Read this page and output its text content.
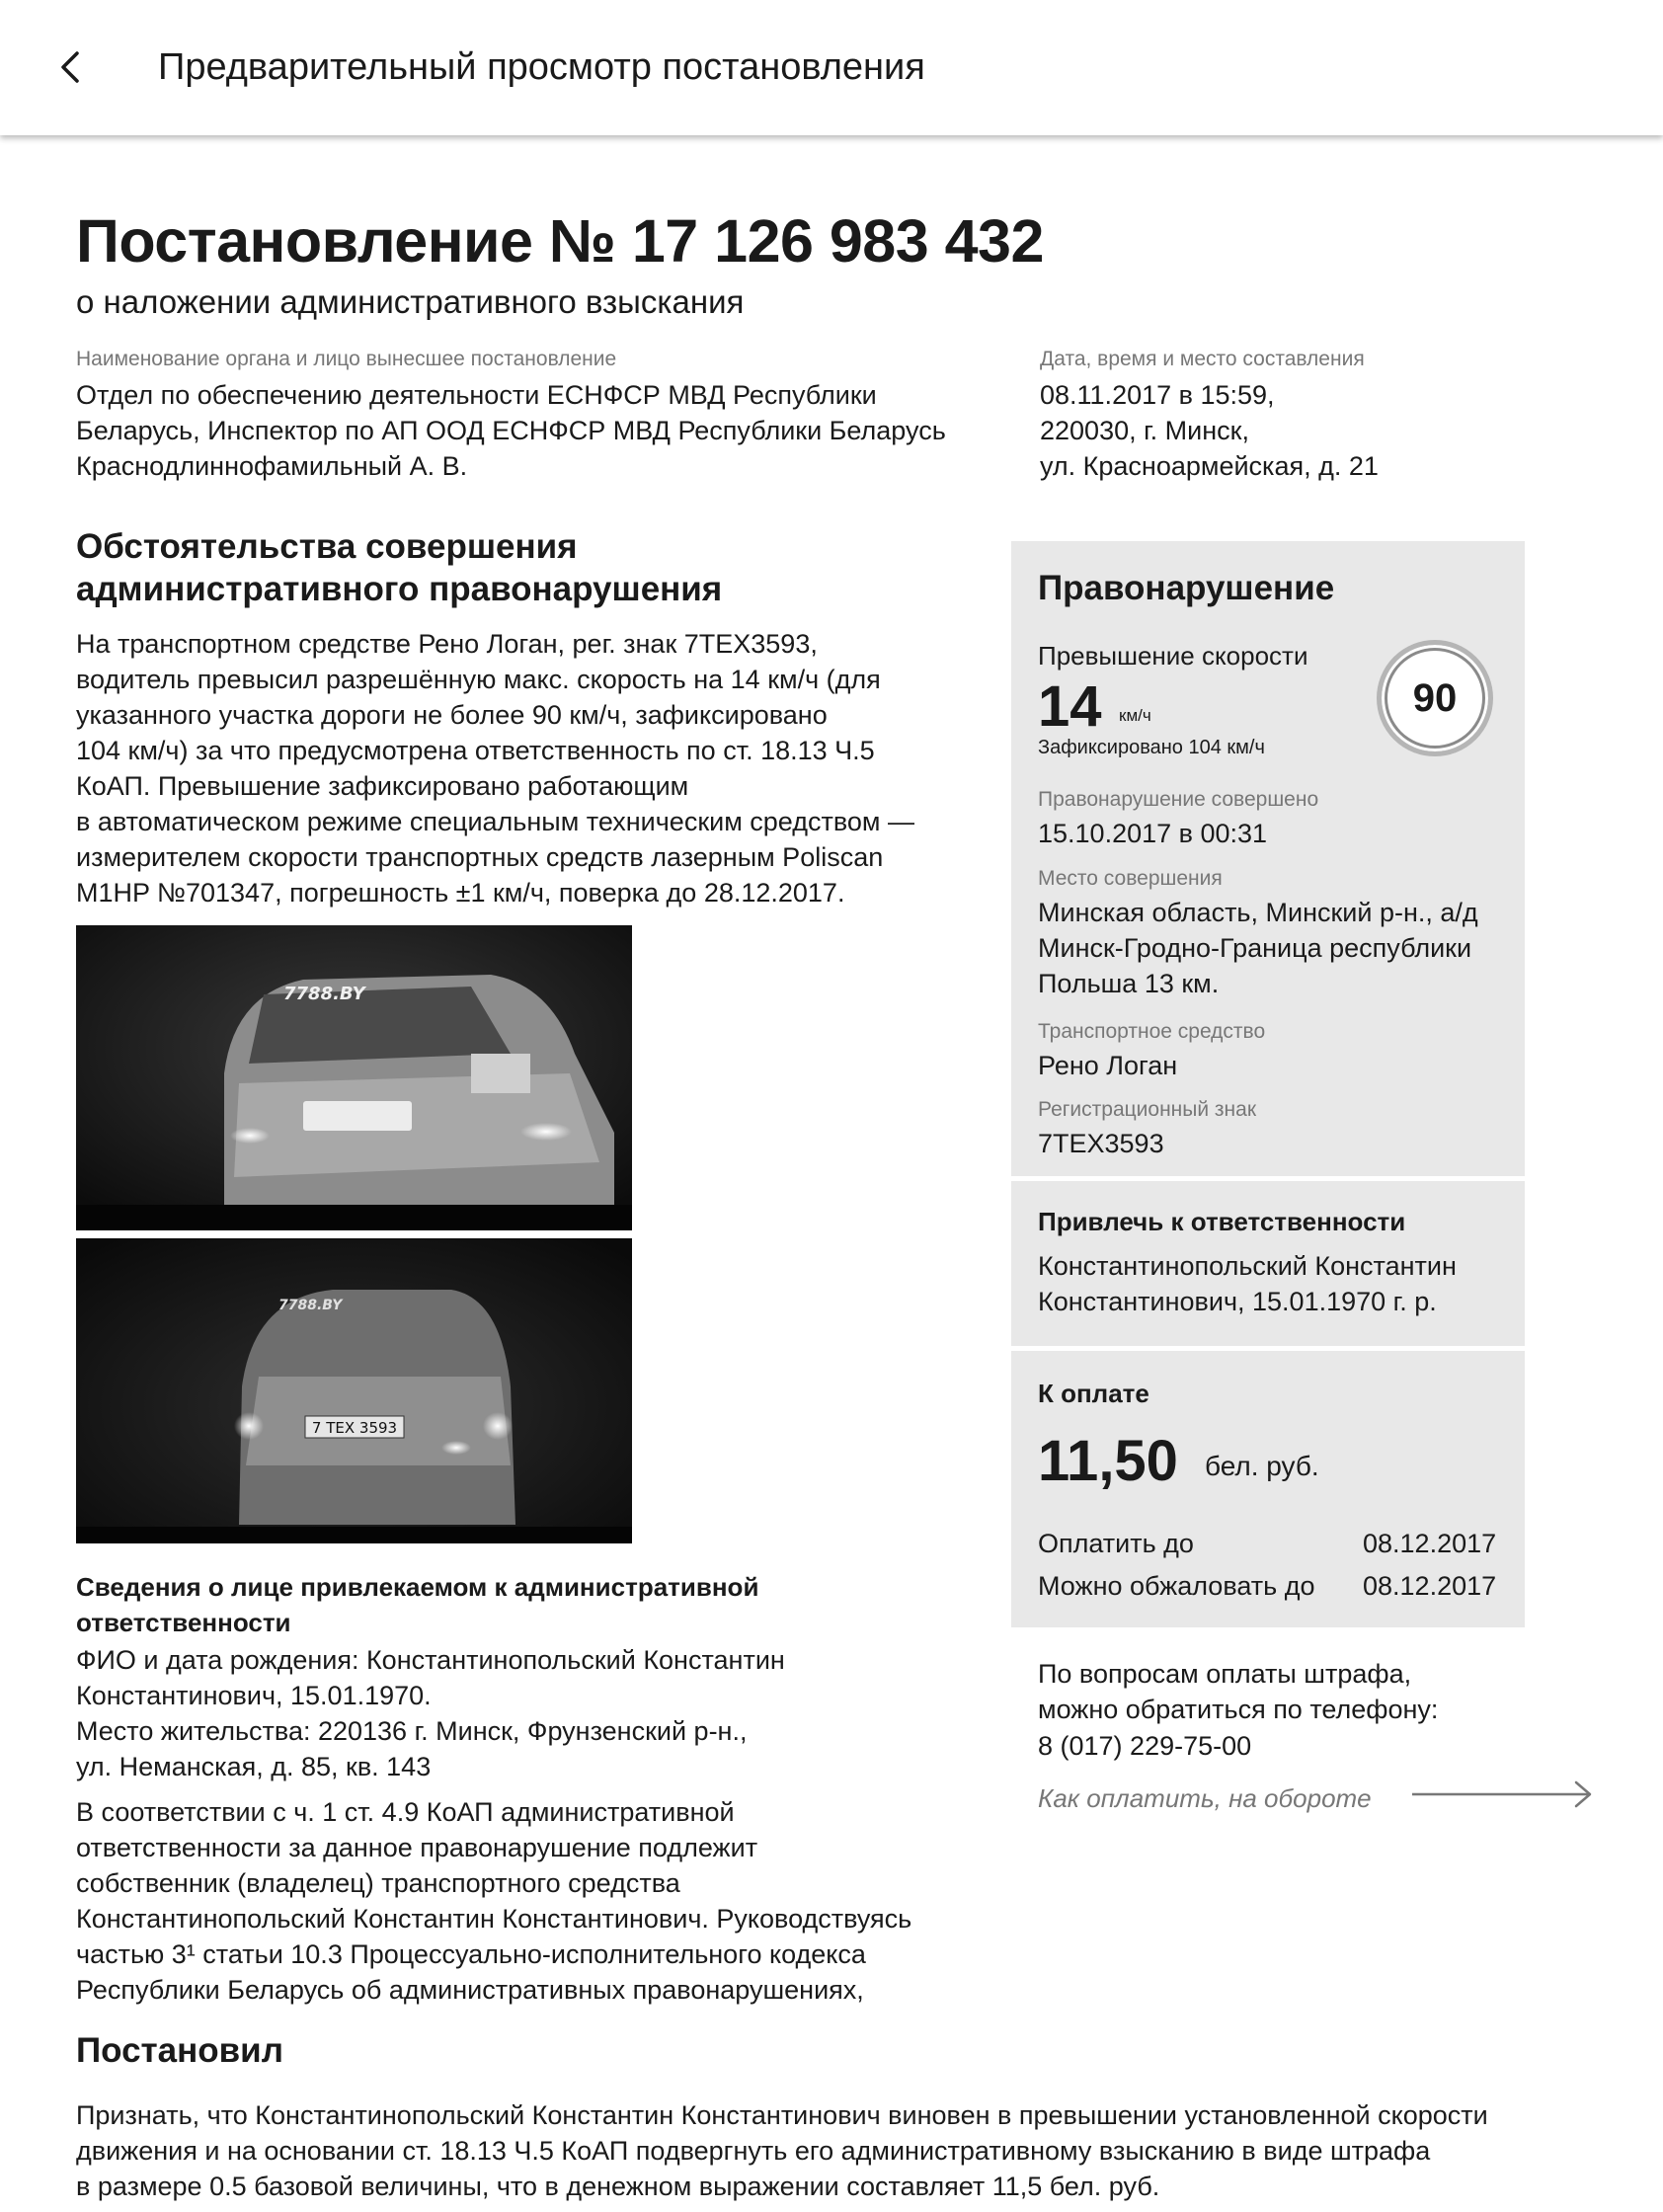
Предварительный просмотр постановления
Постановление № 17 126 983 432
о наложении административного взыскания
Наименование органа и лицо вынесшее постановление
Отдел по обеспечению деятельности ЕСНФСР МВД Республики
Беларусь, Инспектор по АП ООД ЕСНФСР МВД Республики Беларусь
Краснодлиннофамильный А. В.
Дата, время и место составления
08.11.2017 в 15:59,
220030, г. Минск,
ул. Красноармейская, д. 21
Обстоятельства совершения
административного правонарушения
На транспортном средстве Рено Логан, рег. знак 7ТЕХ3593,
водитель превысил разрешённую макс. скорость на 14 км/ч (для
указанного участка дороги не более 90 км/ч, зафиксировано
104 км/ч) за что предусмотрена ответственность по ст. 18.13 Ч.5
КоАП. Превышение зафиксировано работающим
в автоматическом режиме специальным техническим средством —
измерителем скорости транспортных средств лазерным Poliscan
M1HP №701347, погрешность ±1 км/ч, поверка до 28.12.2017.
7788.BY
7788.BY
7 TEX 3593
Сведения о лице привлекаемом к административной
ответственности
ФИО и дата рождения: Константинопольский Константин
Константинович, 15.01.1970.
Место жительства: 220136 г. Минск, Фрунзенский р-н.,
ул. Неманская, д. 85, кв. 143
В соответствии с ч. 1 ст. 4.9 КоАП административной
ответственности за данное правонарушение подлежит
собственник (владелец) транспортного средства
Константинопольский Константин Константинович. Руководствуясь
частью 3¹ статьи 10.3 Процессуально-исполнительного кодекса
Республики Беларусь об административных правонарушениях,
Постановил
Признать, что Константинопольский Константин Константинович виновен в превышении установленной скорости
движения и на основании ст. 18.13 Ч.5 КоАП подвергнуть его административному взысканию в виде штрафа
в размере 0.5 базовой величины, что в денежном выражении составляет 11,5 бел. руб.
Правонарушение
Превышение скорости
14 км/ч
Зафиксировано 104 км/ч
90
Правонарушение совершено
15.10.2017 в 00:31
Место совершения
Минская область, Минский р-н., а/д
Минск-Гродно-Граница республики
Польша 13 км.
Транспортное средство
Рено Логан
Регистрационный знак
7ТЕХ3593
Привлечь к ответственности
Константинопольский Константин
Константинович, 15.01.1970 г. р.
К оплате
11,50 бел. руб.
Оплатить до	08.12.2017
Можно обжаловать до 08.12.2017
По вопросам оплаты штрафа,
можно обратиться по телефону:
8 (017) 229-75-00
Как оплатить, на обороте
